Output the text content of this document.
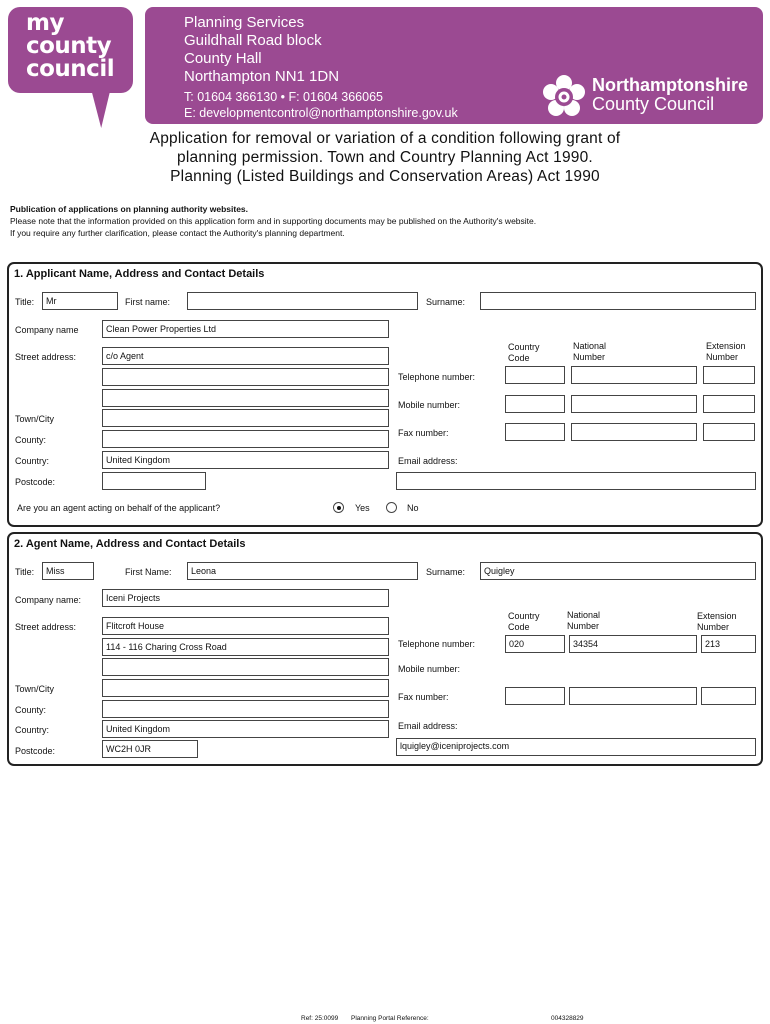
my
county
council
Planning Services
Guildhall Road block
County Hall
Northampton NN1 1DN
T: 01604 366130 • F: 01604 366065
E: developmentcontrol@northamptonshire.gov.uk
Northamptonshire
County Council
Application for removal or variation of a condition following grant of
planning permission. Town and Country Planning Act 1990.
Planning (Listed Buildings and Conservation Areas) Act 1990
Publication of applications on planning authority websites.
Please note that the information provided on this application form and in supporting documents may be published on the Authority's website.
If you require any further clarification, please contact the Authority's planning department.
1. Applicant Name, Address and Contact Details
Title:	Mr	First name:	Surname:
Company name	Clean Power Properties Ltd
Street address:	c/o Agent
Town/City
County:
Country:	United Kingdom
Postcode:
Country
Code
National
Number
Extension
Number
Telephone number:
Mobile number:
Fax number:
Email address:
Are you an agent acting on behalf of the applicant?	Yes	No
2. Agent Name, Address and Contact Details
Title:	Miss	First Name:	Leona	Surname:	Quigley
Company name:	Iceni Projects
Street address:	Flitcroft House
114 - 116 Charing Cross Road
Town/City
County:
Country:	United Kingdom
Postcode:	WC2H 0JR
Country
Code
National
Number
Extension
Number
Telephone number:	020	34354	213
Mobile number:
Fax number:
Email address:
lquigley@iceniprojects.com
Ref: 25:0099 Planning Portal Reference:	004328829
